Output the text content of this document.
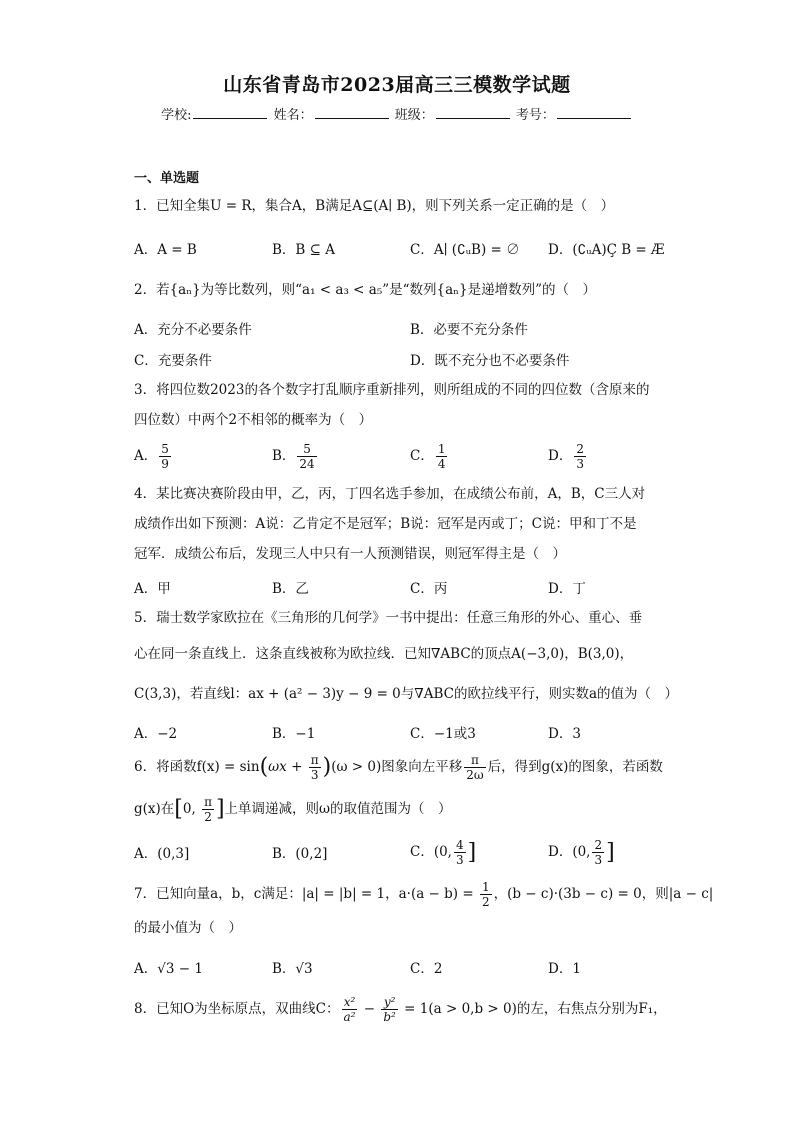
山东省青岛市2023届高三三模数学试题
学校:	姓名：	班级：	考号：
一、单选题
1．已知全集U = R，集合A，B满足A⊆(A∣ B)，则下列关系一定正确的是（　）
A．A = B	B．B ⊆ A	C．A∣ (∁ᵤB) = ∅ D．(∁ᵤA)Ç B = Æ
2．若{aₙ}为等比数列，则“a₁ < a₃ < a₅”是“数列{aₙ}是递增数列”的（　）
A．充分不必要条件	B．必要不充分条件
C．充要条件	D．既不充分也不必要条件
3．将四位数2023的各个数字打乱顺序重新排列，则所组成的不同的四位数（含原来的
四位数）中两个2不相邻的概率为（　）
A． $\frac{5}{9}$	B． $\frac{5}{24}$	C． $\frac{1}{4}$	D． $\frac{2}{3}$
4．某比赛决赛阶段由甲，乙，丙，丁四名选手参加，在成绩公布前，A，B，C三人对
成绩作出如下预测：A说：乙肯定不是冠军；B说：冠军是丙或丁；C说：甲和丁不是
冠军．成绩公布后，发现三人中只有一人预测错误，则冠军得主是（　）
A．甲	B．乙	C．丙	D．丁
5．瑞士数学家欧拉在《三角形的几何学》一书中提出：任意三角形的外心、重心、垂
心在同一条直线上．这条直线被称为欧拉线．已知∇ABC的顶点A(−3,0)，B(3,0)，
C(3,3)，若直线l：ax + (a² − 3)y − 9 = 0与∇ABC的欧拉线平行，则实数a的值为（　）
A．−2	B．−1	C．−1或3	D．3
6．将函数$f(x) = \sin(\omega x + \frac{\pi}{3} )(\omega > 0)$图象向左平移 $\frac{\pi}{2\omega}$ 后，得到g(x)的图象，若函数
g(x)在[0, $\frac{\pi}{2}$ ]上单调递减，则ω的取值范围为（　）
A．(0,3]	B．(0,2]	C．(0, $\frac{4}{3}$ ]	D．(0, $\frac{2}{3}$ ]
7．已知向量a，b，c满足：|a| = |b| = 1，$a\cdot(a - b) = \frac{1}{2}$ ，(b − c)·(3b − c) = 0，则|a − c|
的最小值为（　）
A．√3 − 1	B．√3	C．2	D．1
8．已知O为坐标原点，双曲线C： $\frac{\text{x²}}{\text{a²}} - \frac{\text{y²}}{\text{b²}} = 1(a > 0,b > 0)$的左，右焦点分别为F₁，
